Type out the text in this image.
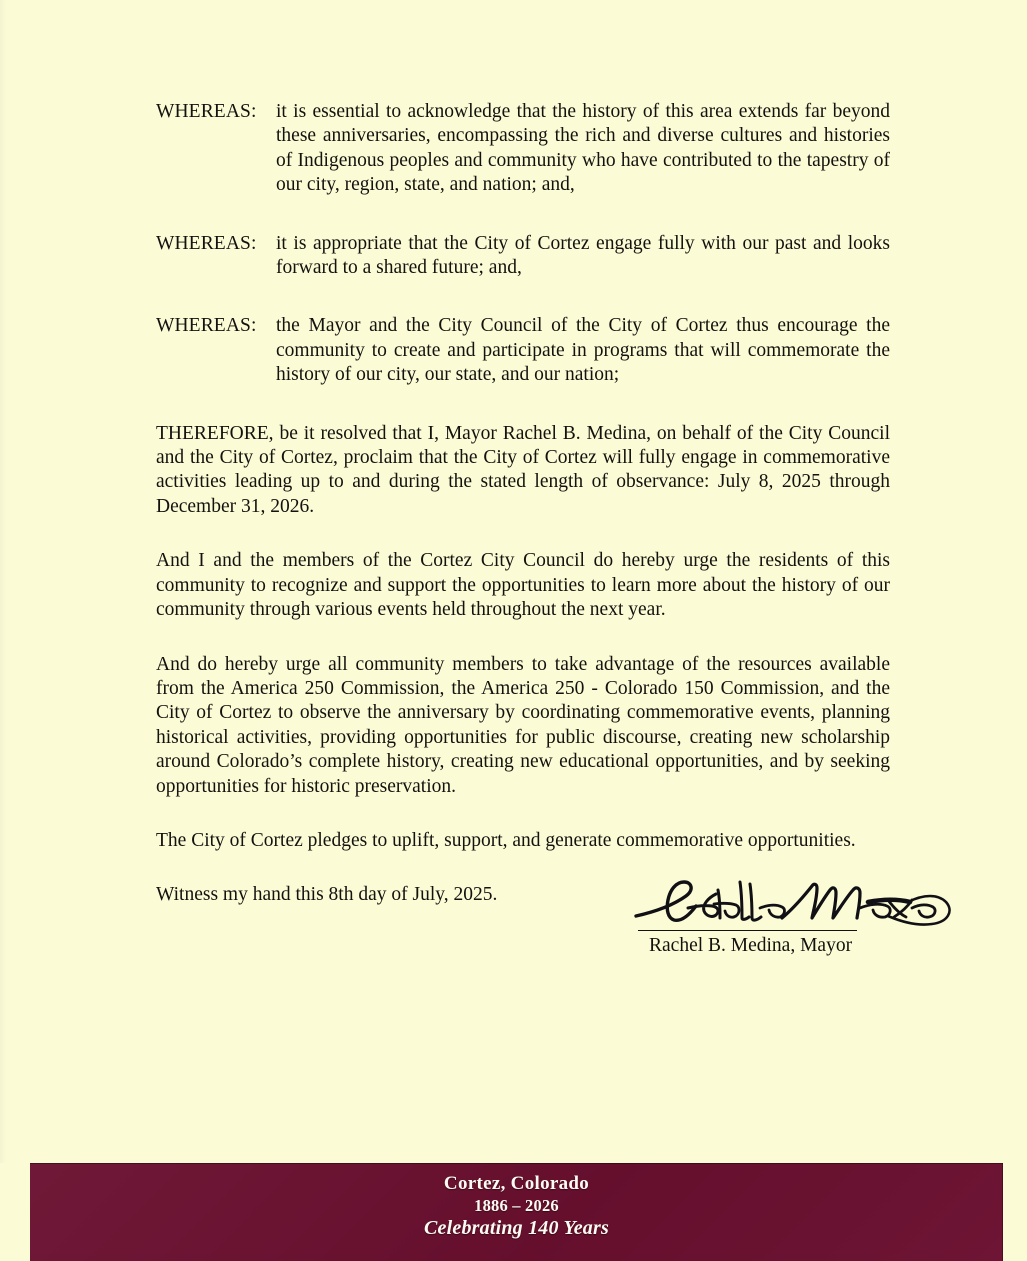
WHEREAS:	it is essential to acknowledge that the history of this area extends far beyond these anniversaries, encompassing the rich and diverse cultures and histories of Indigenous peoples and community who have contributed to the tapestry of our city, region, state, and nation; and,
WHEREAS:	it is appropriate that the City of Cortez engage fully with our past and looks forward to a shared future; and,
WHEREAS:	the Mayor and the City Council of the City of Cortez thus encourage the community to create and participate in programs that will commemorate the history of our city, our state, and our nation;

THEREFORE, be it resolved that I, Mayor Rachel B. Medina, on behalf of the City Council and the City of Cortez, proclaim that the City of Cortez will fully engage in commemorative activities leading up to and during the stated length of observance: July 8, 2025 through December 31, 2026.

And I and the members of the Cortez City Council do hereby urge the residents of this community to recognize and support the opportunities to learn more about the history of our community through various events held throughout the next year.

And do hereby urge all community members to take advantage of the resources available from the America 250 Commission, the America 250 - Colorado 150 Commission, and the City of Cortez to observe the anniversary by coordinating commemorative events, planning historical activities, providing opportunities for public discourse, creating new scholarship around Colorado’s complete history, creating new educational opportunities, and by seeking opportunities for historic preservation.

The City of Cortez pledges to uplift, support, and generate commemorative opportunities.

Witness my hand this 8th day of July, 2025.

Rachel B. Medina, Mayor
Cortez, Colorado
1886 – 2026
Celebrating 140 Years
